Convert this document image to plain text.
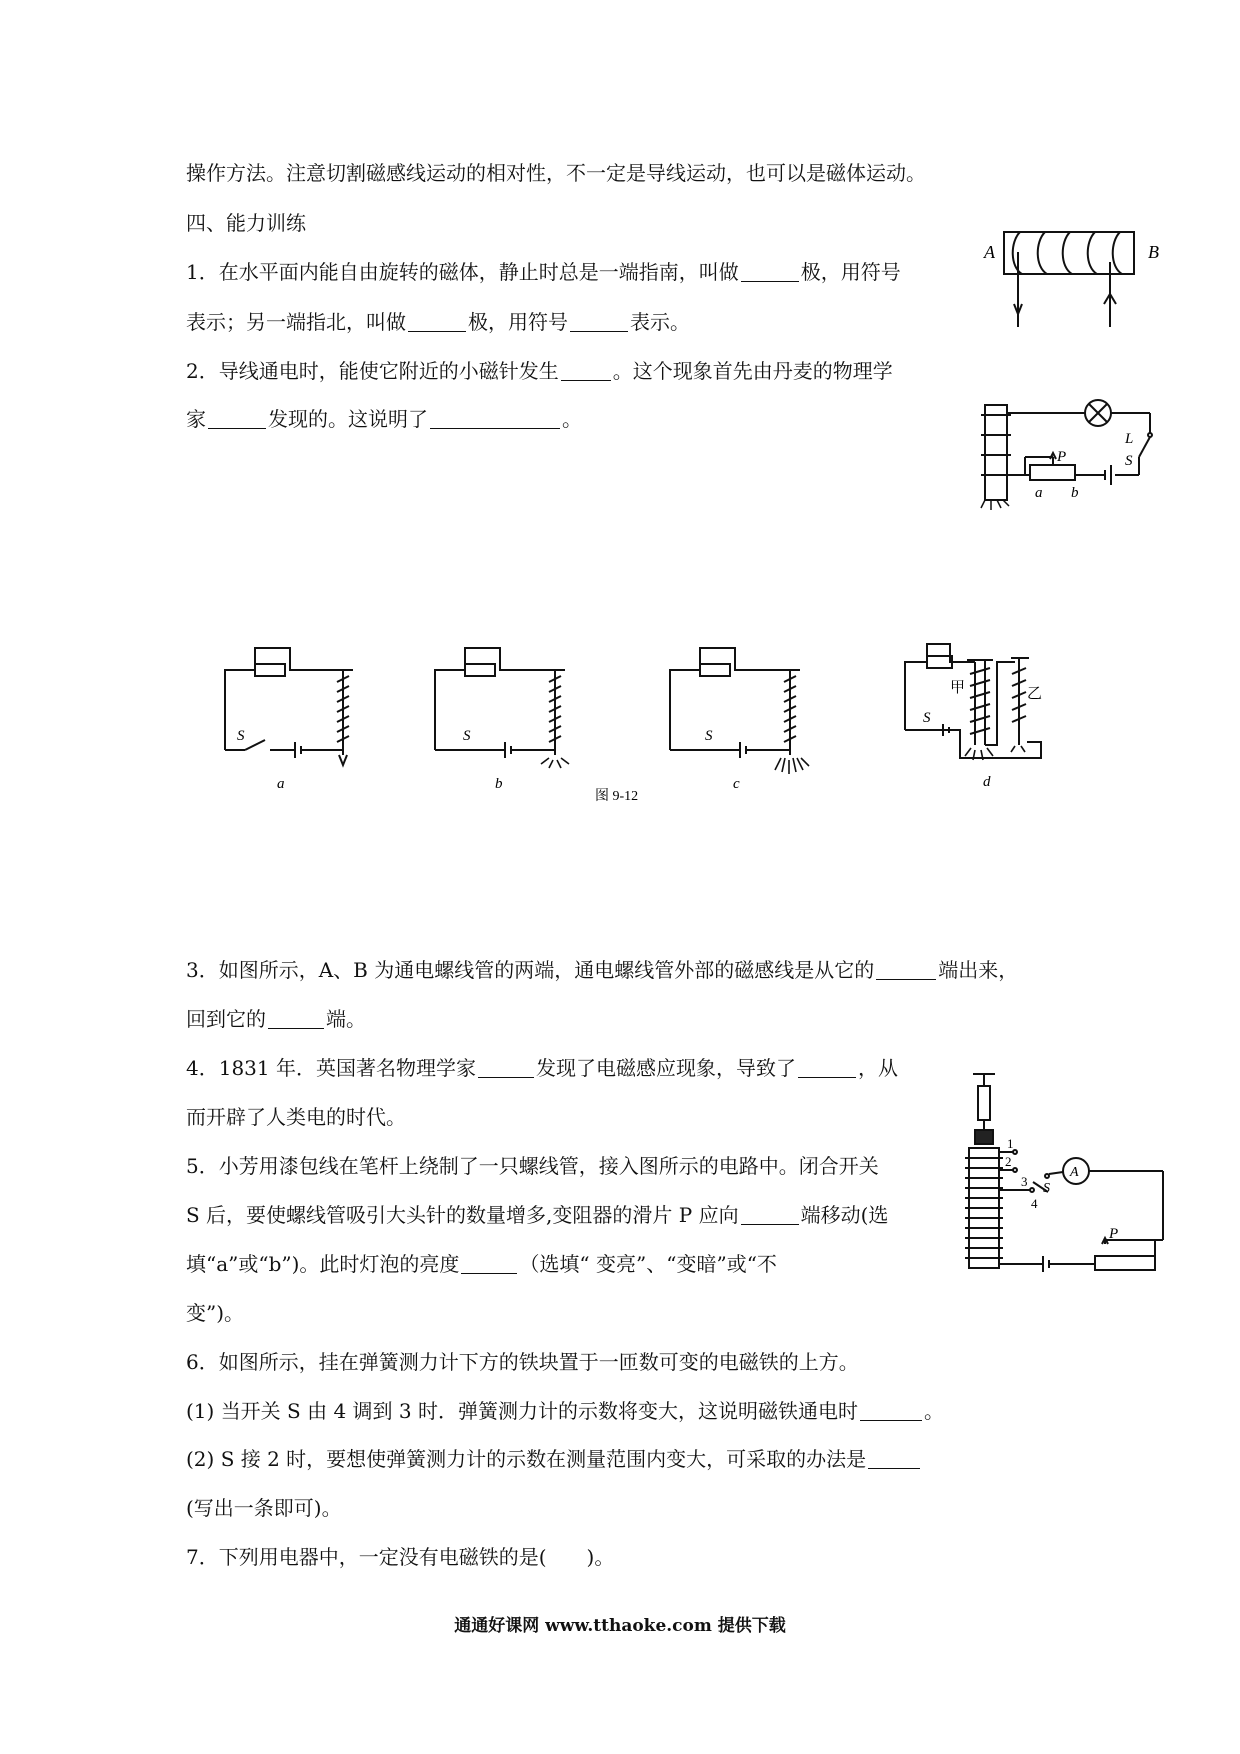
操作方法。注意切割磁感线运动的相对性，不一定是导线运动，也可以是磁体运动。
四、能力训练
1．在水平面内能自由旋转的磁体，静止时总是一端指南，叫做	极，用符号
表示；另一端指北，叫做	极，用符号	表示。
2．导线通电时，能使它附近的小磁针发生	。这个现象首先由丹麦的物理学
家	发现的。这说明了	。
3．如图所示，A、B 为通电螺线管的两端，通电螺线管外部的磁感线是从它的	端出来，
回到它的	端。
4．1831 年．英国著名物理学家	发现了电磁感应现象，导致了	，从
而开辟了人类电的时代。
5．小芳用漆包线在笔杆上绕制了一只螺线管，接入图所示的电路中。闭合开关
S 后，要使螺线管吸引大头针的数量增多,变阻器的滑片 P 应向	端移动(选
填“a”或“b”)。此时灯泡的亮度	（选填“ 变亮”、“变暗”或“不
变”)。
6．如图所示，挂在弹簧测力计下方的铁块置于一匝数可变的电磁铁的上方。
(1) 当开关 S 由 4 调到 3 时．弹簧测力计的示数将变大，这说明磁铁通电时	。
(2) S 接 2 时，要想使弹簧测力计的示数在测量范围内变大，可采取的办法是
(写出一条即可)。
7．下列用电器中，一定没有电磁铁的是( )。
A	B
P
L
S
a b
S	S	S
S
甲	乙
a	b
图 9-12
c	d
1
2
3
4
S
A
P
通通好课网 www.tthaoke.com 提供下载
